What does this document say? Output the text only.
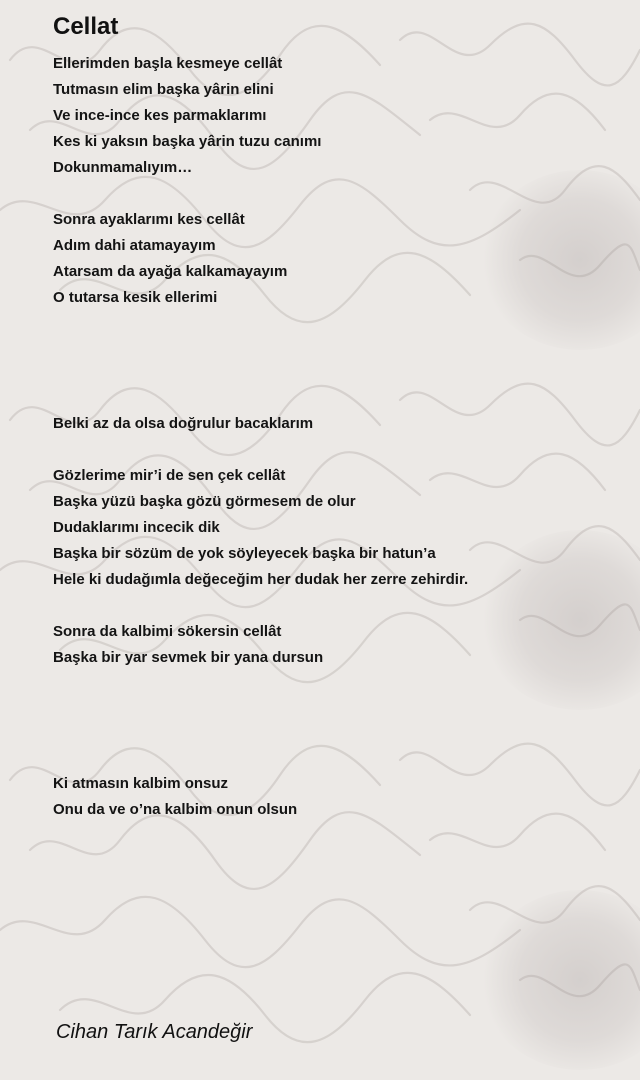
Cellat
Ellerimden başla kesmeye cellât
Tutmasın elim başka yârin elini
Ve ince-ince kes parmaklarımı
Kes ki yaksın başka yârin tuzu canımı
Dokunmamalıyım…
Sonra ayaklarımı kes cellât
Adım dahi atamayayım
Atarsam da ayağa kalkamayayım
O tutarsa kesik ellerimi
Belki az da olsa doğrulur bacaklarım
Gözlerime mir’i de sen çek cellât
Başka yüzü başka gözü görmesem de olur
Dudaklarımı incecik dik
Başka bir sözüm de yok söyleyecek başka bir hatun’a
Hele ki dudağımla değeceğim her dudak her zerre zehirdir.
Sonra da kalbimi sökersin cellât
Başka bir yar sevmek bir yana dursun
Ki atmasın kalbim onsuz
Onu da ve o’na kalbim onun olsun
Cihan Tarık Acandeğir
